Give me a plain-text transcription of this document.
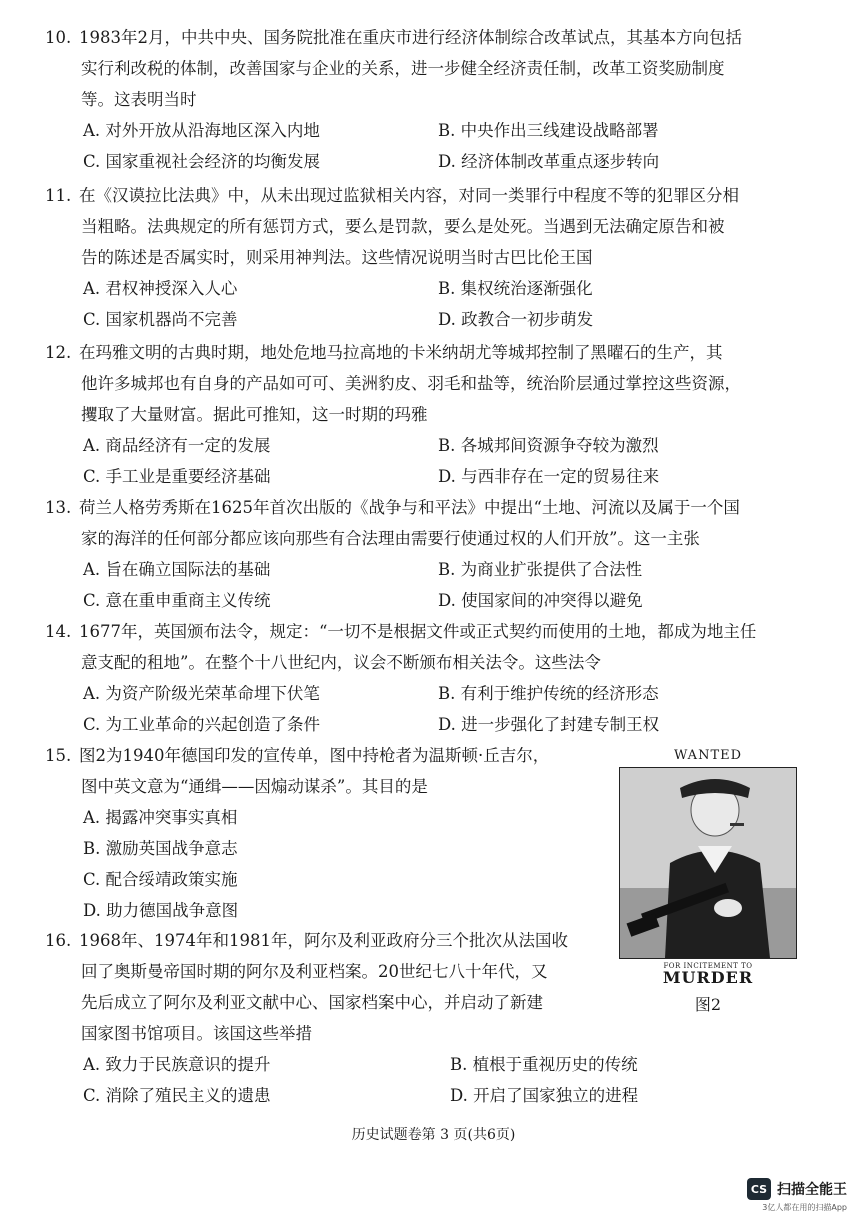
10. 1983年2月，中共中央、国务院批准在重庆市进行经济体制综合改革试点，其基本方向包括
实行利改税的体制，改善国家与企业的关系，进一步健全经济责任制，改革工资奖励制度
等。这表明当时

A. 对外开放从沿海地区深入内地	B. 中央作出三线建设战略部署
C. 国家重视社会经济的均衡发展	D. 经济体制改革重点逐步转向

11. 在《汉谟拉比法典》中，从未出现过监狱相关内容，对同一类罪行中程度不等的犯罪区分相
当粗略。法典规定的所有惩罚方式，要么是罚款，要么是处死。当遇到无法确定原告和被
告的陈述是否属实时，则采用神判法。这些情况说明当时古巴比伦王国

A. 君权神授深入人心	B. 集权统治逐渐强化
C. 国家机器尚不完善	D. 政教合一初步萌发

12. 在玛雅文明的古典时期，地处危地马拉高地的卡米纳胡尤等城邦控制了黑曜石的生产，其
他许多城邦也有自身的产品如可可、美洲豹皮、羽毛和盐等，统治阶层通过掌控这些资源，
攫取了大量财富。据此可推知，这一时期的玛雅

A. 商品经济有一定的发展	B. 各城邦间资源争夺较为激烈
C. 手工业是重要经济基础	D. 与西非存在一定的贸易往来

13. 荷兰人格劳秀斯在1625年首次出版的《战争与和平法》中提出“土地、河流以及属于一个国
家的海洋的任何部分都应该向那些有合法理由需要行使通过权的人们开放”。这一主张

A. 旨在确立国际法的基础	B. 为商业扩张提供了合法性
C. 意在重申重商主义传统	D. 使国家间的冲突得以避免

14. 1677年，英国颁布法令，规定：“一切不是根据文件或正式契约而使用的土地，都成为地主任
意支配的租地”。在整个十八世纪内，议会不断颁布相关法令。这些法令

A. 为资产阶级光荣革命埋下伏笔	B. 有利于维护传统的经济形态
C. 为工业革命的兴起创造了条件	D. 进一步强化了封建专制王权

15. 图2为1940年德国印发的宣传单，图中持枪者为温斯顿·丘吉尔，
图中英文意为“通缉——因煽动谋杀”。其目的是

A. 揭露冲突事实真相
B. 激励英国战争意志
C. 配合绥靖政策实施
D. 助力德国战争意图

16. 1968年、1974年和1981年，阿尔及利亚政府分三个批次从法国收
回了奥斯曼帝国时期的阿尔及利亚档案。20世纪七八十年代，又
先后成立了阿尔及利亚文献中心、国家档案中心，并启动了新建
国家图书馆项目。该国这些举措

A. 致力于民族意识的提升	B. 植根于重视历史的传统
C. 消除了殖民主义的遗患	D. 开启了国家独立的进程
WANTED
FOR INCITEMENT TO
MURDER
图2
历史试题卷第 3 页(共6页)
CS 扫描全能王
3亿人都在用的扫描App
